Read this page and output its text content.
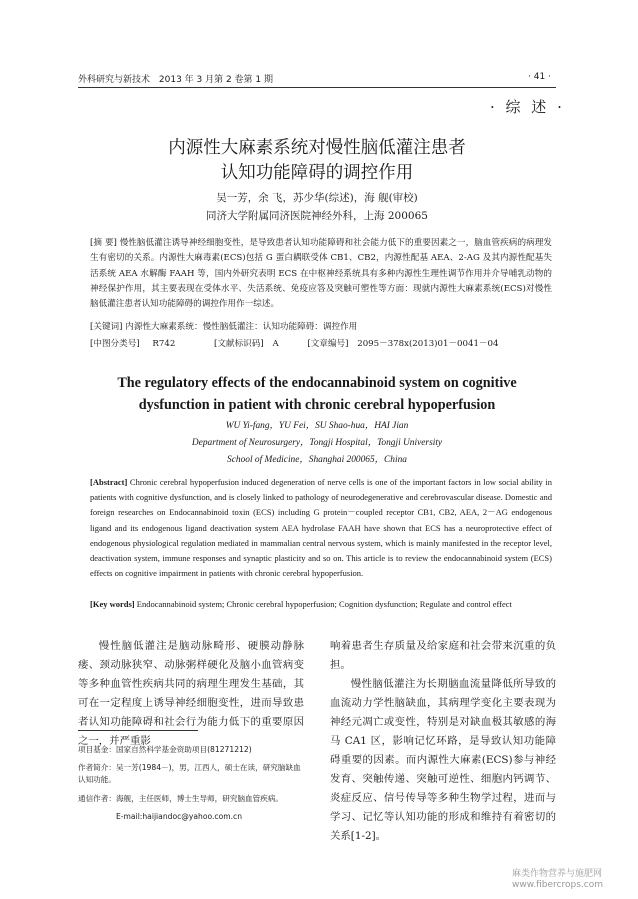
外科研究与新技术 2013 年 3 月第 2 卷第 1 期	· 41 ·
· 综 述 ·
内源性大麻素系统对慢性脑低灌注患者
认知功能障碍的调控作用
吴一芳，余 飞，苏少华(综述)，海 舰(审校)
同济大学附属同济医院神经外科，上海 200065
[摘 要] 慢性脑低灌注诱导神经细胞变性，是导致患者认知功能障碍和社会能力低下的重要因素之一，脑血管疾病的病理发生有密切的关系。内源性大麻毒素(ECS)包括 G 蛋白耦联受体 CB1、CB2，内源性配基 AEA、2-AG 及其内源性配基失活系统 AEA 水解酶 FAAH 等，国内外研究表明 ECS 在中枢神经系统具有多种内源性生理性调节作用并介导哺乳动物的神经保护作用，其主要表现在受体水平、失活系统、免疫应答及突触可塑性等方面：现就内源性大麻素系统(ECS)对慢性脑低灌注患者认知功能障碍的调控作用作一综述。
[关键词] 内源性大麻素系统：慢性脑低灌注：认知功能障碍：调控作用
[中图分类号] R742	[文献标识码] A	[文章编号] 2095－378x(2013)01－0041－04
The regulatory effects of the endocannabinoid system on cognitive
dysfunction in patient with chronic cerebral hypoperfusion
WU Yi-fang，YU Fei，SU Shao-hua，HAI Jian
Department of Neurosurgery，Tongji Hospital，Tongji University
School of Medicine，Shanghai 200065，China
[Abstract] Chronic cerebral hypoperfusion induced degeneration of nerve cells is one of the important factors in low social ability in patients with cognitive dysfunction, and is closely linked to pathology of neurodegenerative and cerebrovascular disease. Domestic and foreign researches on Endocannabinoid toxin (ECS) including G protein－coupled receptor CB1, CB2, AEA, 2－AG endogenous ligand and its endogenous ligand deactivation system AEA hydrolase FAAH have shown that ECS has a neuroprotective effect of endogenous physiological regulation mediated in mammalian central nervous system, which is mainly manifested in the receptor level, deactivation system, immune responses and synaptic plasticity and so on. This article is to review the endocannabinoid system (ECS) effects on cognitive impairment in patients with chronic cerebral hypoperfusion.
[Key words] Endocannabinoid system; Chronic cerebral hypoperfusion; Cognition dysfunction; Regulate and control effect

慢性脑低灌注是脑动脉畸形、硬膜动静脉瘘、颈动脉狭窄、动脉粥样硬化及脑小血管病变等多种血管性疾病共同的病理生理发生基础，其可在一定程度上诱导神经细胞变性，进而导致患者认知功能障碍和社会行为能力低下的重要原因之一，并严重影

响着患者生存质量及给家庭和社会带来沉重的负担。

慢性脑低灌注为长期脑血流量降低所导致的血流动力学性脑缺血，其病理学变化主要表现为神经元凋亡或变性，特别是对缺血极其敏感的海马 CA1 区，影响记忆环路，是导致认知功能障碍重要的因素。而内源性大麻素(ECS)参与神经发育、突触传递、突触可逆性、细胞内钙调节、炎症反应、信号传导等多种生物学过程，进而与学习、记忆等认知功能的形成和维持有着密切的关系[1-2]。

项目基金：国家自然科学基金资助项目(81271212)
作者简介：吴一芳(1984－)，男，江西人，硕士在读，研究脑缺血认知功能。
通信作者：海舰，主任医师，博士生导师，研究脑血管疾病。
E-mail:haijiandoc@yahoo.com.cn
麻类作物营养与施肥网
www.fibercrops.com
